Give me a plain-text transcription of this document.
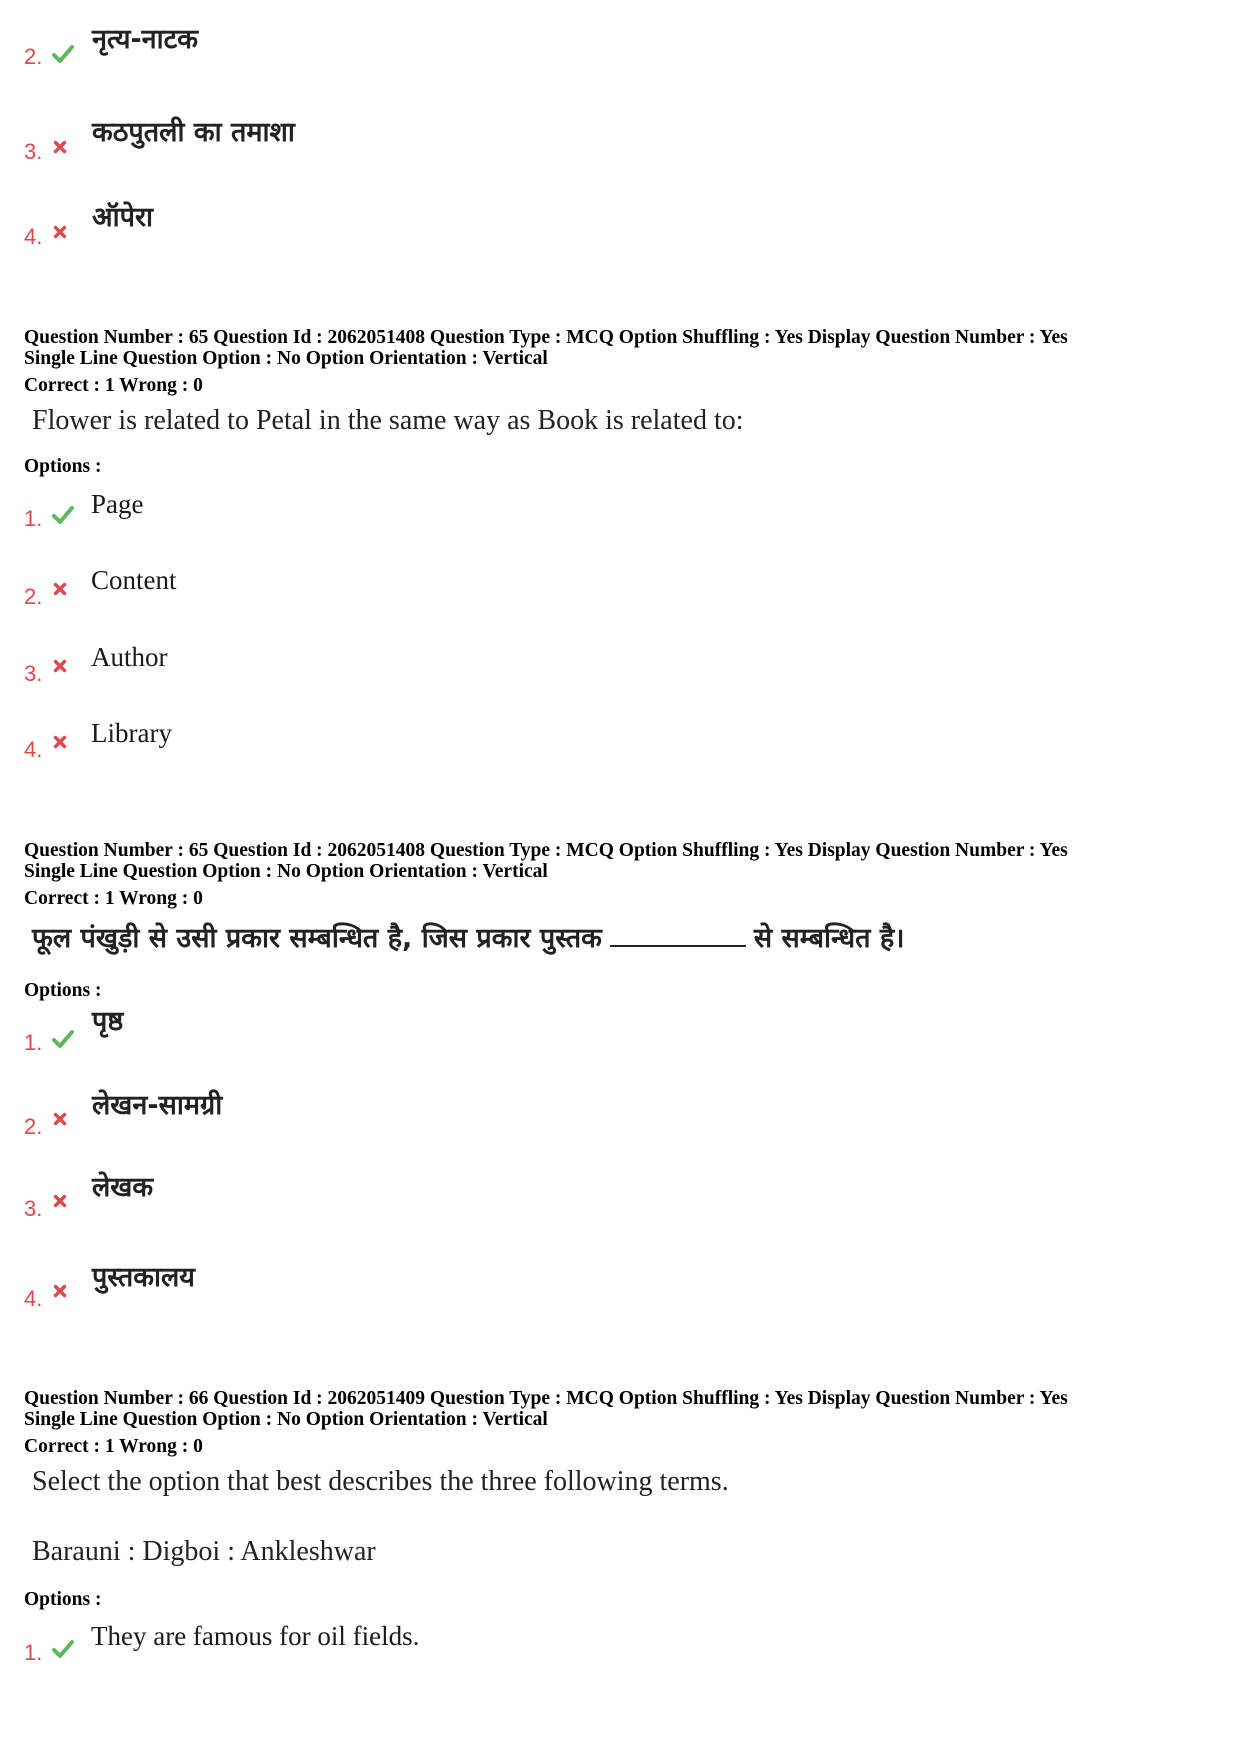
2.
नृत्य-नाटक
3.
कठपुतली का तमाशा
4.
ऑपेरा
Question Number : 65 Question Id : 2062051408 Question Type : MCQ Option Shuffling : Yes Display Question Number : Yes
Single Line Question Option : No Option Orientation : Vertical
Correct : 1 Wrong : 0
Flower is related to Petal in the same way as Book is related to:
Options :
1. Page
2.
Content
3.
Author
4.
Library
Question Number : 65 Question Id : 2062051408 Question Type : MCQ Option Shuffling : Yes Display Question Number : Yes
Single Line Question Option : No Option Orientation : Vertical
Correct : 1 Wrong : 0
फूल पंखुड़ी से उसी प्रकार सम्बन्धित है, जिस प्रकार पुस्तक	से सम्बन्धित है।
Options :
1.
पृष्ठ
2.
लेखन-सामग्री
3.
लेखक
4.
पुस्तकालय
Question Number : 66 Question Id : 2062051409 Question Type : MCQ Option Shuffling : Yes Display Question Number : Yes
Single Line Question Option : No Option Orientation : Vertical
Correct : 1 Wrong : 0
Select the option that best describes the three following terms.
Barauni : Digboi : Ankleshwar
Options :
1.
They are famous for oil fields.
